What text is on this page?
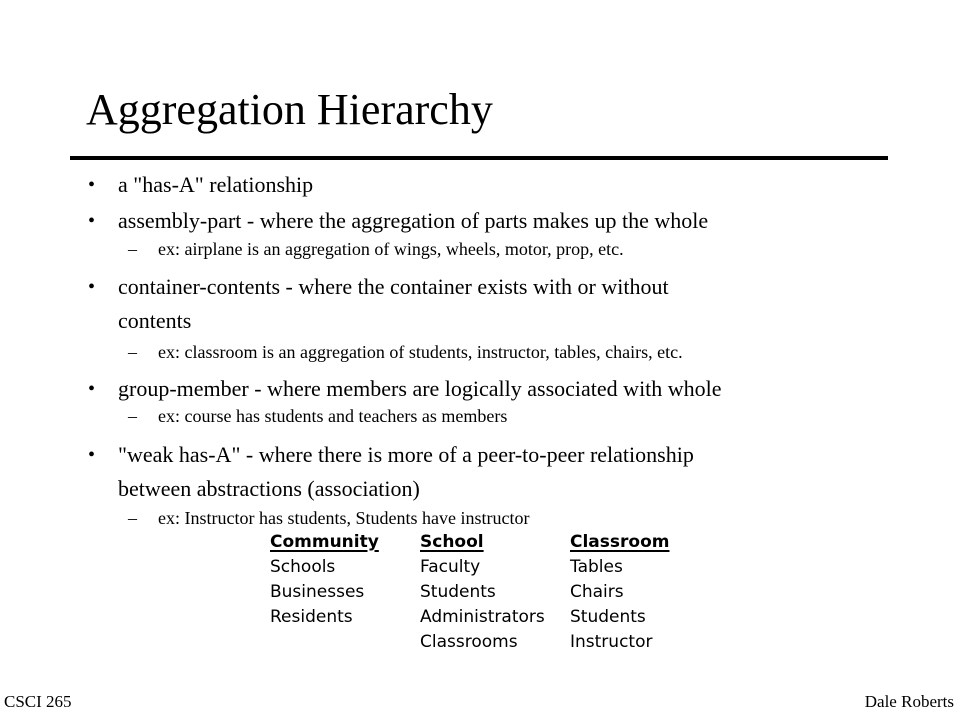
Aggregation Hierarchy
• a "has-A" relationship
• assembly-part - where the aggregation of parts makes up the whole
– ex: airplane is an aggregation of wings, wheels, motor, prop, etc.
• container-contents - where the container exists with or without
contents
– ex: classroom is an aggregation of students, instructor, tables, chairs, etc.
• group-member - where members are logically associated with whole
– ex: course has students and teachers as members
• "weak has-A" - where there is more of a peer-to-peer relationship
between abstractions (association)
– ex: Instructor has students, Students have instructor
Community
Schools
Businesses
Residents
School
Faculty
Students
Administrators
Classrooms
Classroom
Tables
Chairs
Students
Instructor
CSCI 265	Dale Roberts
